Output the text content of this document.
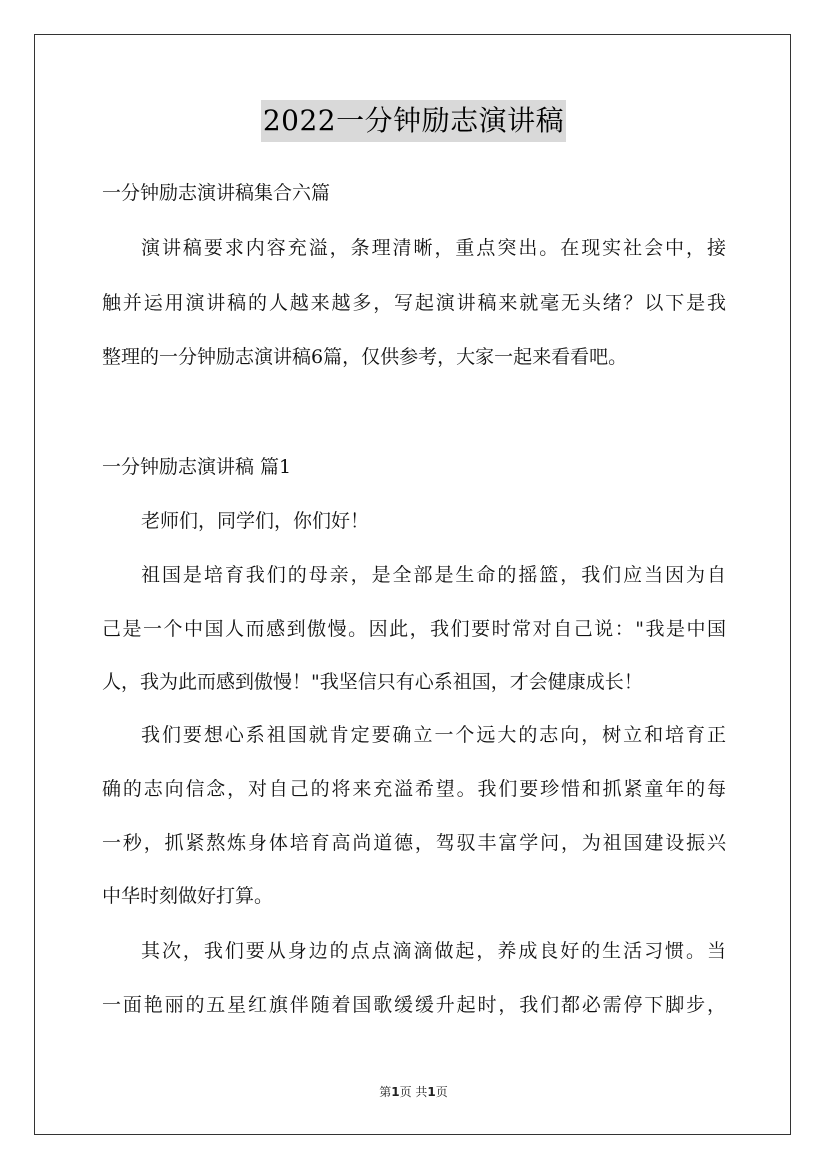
2022一分钟励志演讲稿
一分钟励志演讲稿集合六篇
演讲稿要求内容充溢，条理清晰，重点突出。在现实社会中，接
触并运用演讲稿的人越来越多，写起演讲稿来就毫无头绪？以下是我
整理的一分钟励志演讲稿6篇，仅供参考，大家一起来看看吧。
一分钟励志演讲稿 篇1
老师们，同学们，你们好！
祖国是培育我们的母亲，是全部是生命的摇篮，我们应当因为自
己是一个中国人而感到傲慢。因此，我们要时常对自己说："我是中国
人，我为此而感到傲慢！"我坚信只有心系祖国，才会健康成长！
我们要想心系祖国就肯定要确立一个远大的志向，树立和培育正
确的志向信念，对自己的将来充溢希望。我们要珍惜和抓紧童年的每
一秒，抓紧熬炼身体培育高尚道德，驾驭丰富学问，为祖国建设振兴
中华时刻做好打算。
其次，我们要从身边的点点滴滴做起，养成良好的生活习惯。当
一面艳丽的五星红旗伴随着国歌缓缓升起时，我们都必需停下脚步，
第1页 共1页
